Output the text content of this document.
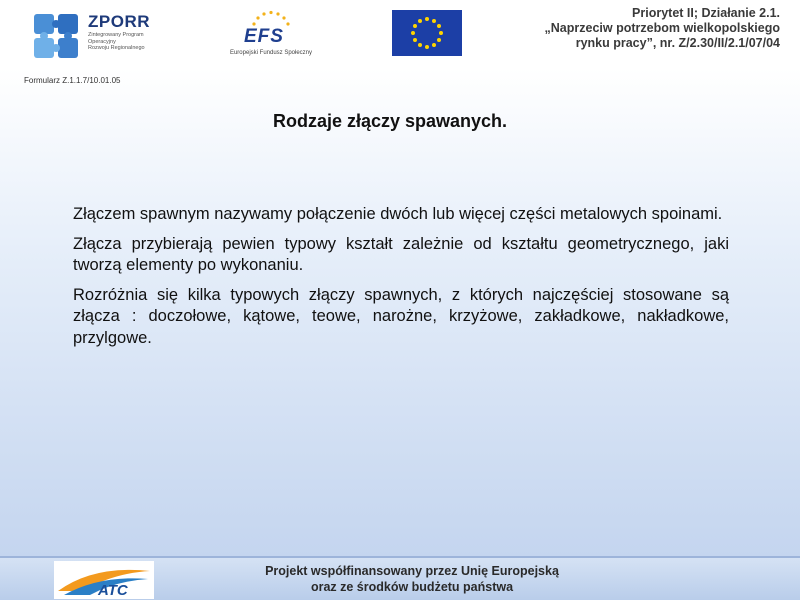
ZPORR
Zintegrowany Program
Operacyjny
Rozwoju Regionalnego
EFS
Europejski Fundusz Społeczny
Priorytet II; Działanie 2.1.
„Naprzeciw potrzebom wielkopolskiego
rynku pracy”, nr. Z/2.30/II/2.1/07/04
Formularz Z.1.1.7/10.01.05
Rodzaje złączy spawanych.

Złączem spawnym nazywamy połączenie dwóch lub więcej części metalowych spoinami.

Złącza przybierają pewien typowy kształt zależnie od kształtu geometrycznego, jaki tworzą elementy po wykonaniu.

Rozróżnia się kilka typowych złączy spawnych, z których najczęściej stosowane są złącza : doczołowe, kątowe, teowe, narożne, krzyżowe, zakładkowe, nakładkowe, przylgowe.

ATC
Projekt współfinansowany przez Unię Europejską
oraz ze środków budżetu państwa
